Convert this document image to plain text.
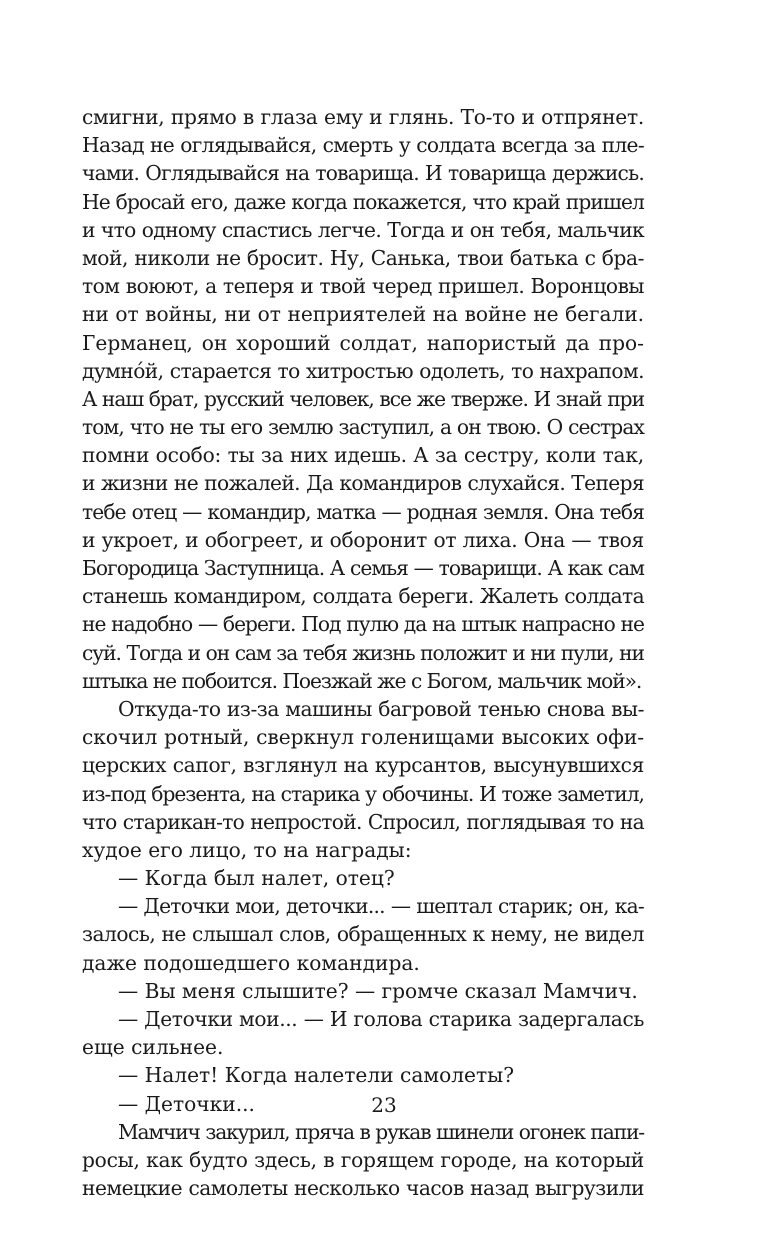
смигни, прямо в глаза ему и глянь. То-то и отпрянет.
Назад не оглядывайся, смерть у солдата всегда за пле-
чами. Оглядывайся на товарища. И товарища держись.
Не бросай его, даже когда покажется, что край пришел
и что одному спастись легче. Тогда и он тебя, мальчик
мой, николи не бросит. Ну, Санька, твои батька с бра-
том воюют, а теперя и твой черед пришел. Воронцовы
ни от войны, ни от неприятелей на войне не бегали.
Германец, он хороший солдат, напористый да про-
думнóй, старается то хитростью одолеть, то нахрапом.
А наш брат, русский человек, все же тверже. И знай при
том, что не ты его землю заступил, а он твою. О сестрах
помни особо: ты за них идешь. А за сестру, коли так,
и жизни не пожалей. Да командиров слухайся. Теперя
тебе отец — командир, матка — родная земля. Она тебя
и укроет, и обогреет, и оборонит от лиха. Она — твоя
Богородица Заступница. А семья — товарищи. А как сам
станешь командиром, солдата береги. Жалеть солдата
не надобно — береги. Под пулю да на штык напрасно не
суй. Тогда и он сам за тебя жизнь положит и ни пули, ни
штыка не побоится. Поезжай же с Богом, мальчик мой».
Откуда-то из-за машины багровой тенью снова вы-
скочил ротный, сверкнул голенищами высоких офи-
церских сапог, взглянул на курсантов, высунувшихся
из-под брезента, на старика у обочины. И тоже заметил,
что старикан-то непростой. Спросил, поглядывая то на
худое его лицо, то на награды:
— Когда был налет, отец?
— Деточки мои, деточки... — шептал старик; он, ка-
залось, не слышал слов, обращенных к нему, не видел
даже подошедшего командира.
— Вы меня слышите? — громче сказал Мамчич.
— Деточки мои... — И голова старика задергалась
еще сильнее.
— Налет! Когда налетели самолеты?
— Деточки...
Мамчич закурил, пряча в рукав шинели огонек папи-
росы, как будто здесь, в горящем городе, на который
немецкие самолеты несколько часов назад выгрузили
23
